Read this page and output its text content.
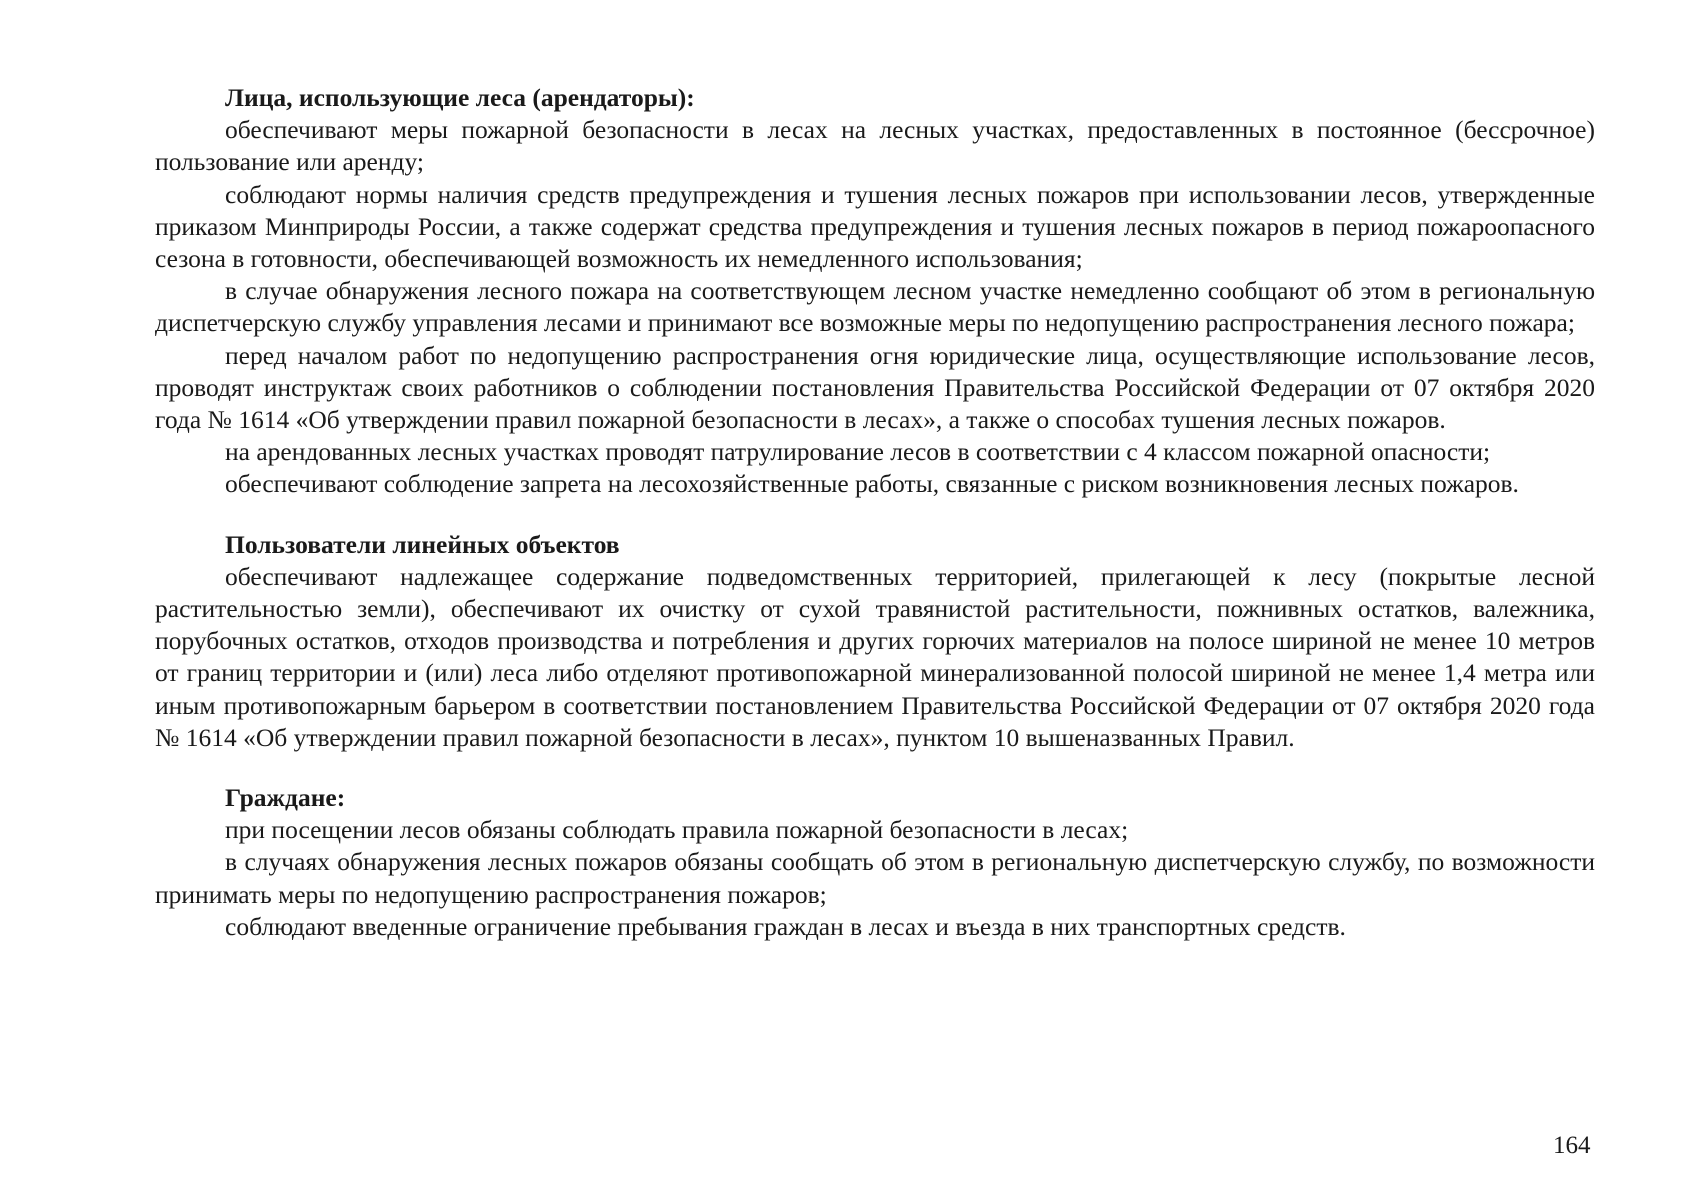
Лица, использующие леса (арендаторы):

обеспечивают меры пожарной безопасности в лесах на лесных участках, предоставленных в постоянное (бессрочное) пользование или аренду;

соблюдают нормы наличия средств предупреждения и тушения лесных пожаров при использовании лесов, утвержденные приказом Минприроды России, а также содержат средства предупреждения и тушения лесных пожаров в период пожароопасного сезона в готовности, обеспечивающей возможность их немедленного использования;

в случае обнаружения лесного пожара на соответствующем лесном участке немедленно сообщают об этом в региональную диспетчерскую службу управления лесами и принимают все возможные меры по недопущению распространения лесного пожара;

перед началом работ по недопущению распространения огня юридические лица, осуществляющие использование лесов, проводят инструктаж своих работников о соблюдении постановления Правительства Российской Федерации от 07 октября 2020 года № 1614 «Об утверждении правил пожарной безопасности в лесах», а также о способах тушения лесных пожаров.

на арендованных лесных участках проводят патрулирование лесов в соответствии с 4 классом пожарной опасности;

обеспечивают соблюдение запрета на лесохозяйственные работы, связанные с риском возникновения лесных пожаров.

Пользователи линейных объектов

обеспечивают надлежащее содержание подведомственных территорией, прилегающей к лесу (покрытые лесной растительностью земли), обеспечивают их очистку от сухой травянистой растительности, пожнивных остатков, валежника, порубочных остатков, отходов производства и потребления и других горючих материалов на полосе шириной не менее 10 метров от границ территории и (или) леса либо отделяют противопожарной минерализованной полосой шириной не менее 1,4 метра или иным противопожарным барьером в соответствии постановлением Правительства Российской Федерации от 07 октября 2020 года № 1614 «Об утверждении правил пожарной безопасности в лесах», пунктом 10 вышеназванных Правил.

Граждане:

при посещении лесов обязаны соблюдать правила пожарной безопасности в лесах;

в случаях обнаружения лесных пожаров обязаны сообщать об этом в региональную диспетчерскую службу, по возможности принимать меры по недопущению распространения пожаров;

соблюдают введенные ограничение пребывания граждан в лесах и въезда в них транспортных средств.

164
